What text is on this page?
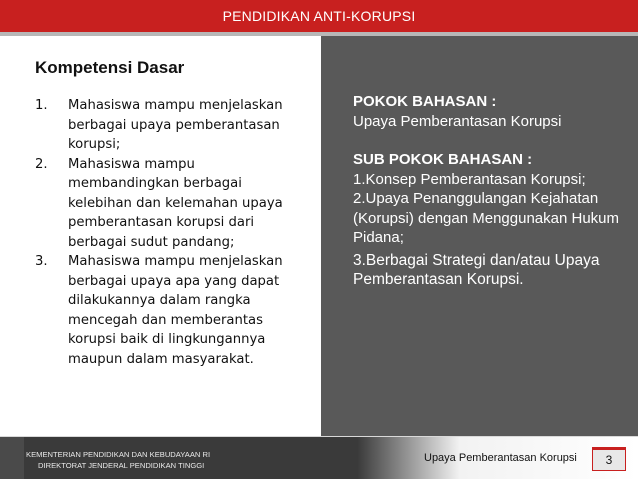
PENDIDIKAN ANTI-KORUPSI
Kompetensi Dasar
1.	Mahasiswa mampu menjelaskan berbagai upaya pemberantasan korupsi;
2.	Mahasiswa mampu membandingkan berbagai kelebihan dan kelemahan upaya pemberantasan korupsi dari berbagai sudut pandang;
3.	Mahasiswa mampu menjelaskan berbagai upaya apa yang dapat dilakukannya dalam rangka mencegah dan memberantas korupsi baik di lingkungannya maupun dalam masyarakat.
POKOK BAHASAN :
Upaya Pemberantasan Korupsi
SUB POKOK BAHASAN :
1.Konsep Pemberantasan Korupsi;
2.Upaya Penanggulangan Kejahatan (Korupsi) dengan Menggunakan Hukum Pidana;
3.Berbagai Strategi dan/atau Upaya Pemberantasan Korupsi.
KEMENTERIAN PENDIDIKAN DAN KEBUDAYAAN RI
DIREKTORAT JENDERAL PENDIDIKAN TINGGI
Upaya Pemberantasan Korupsi	3
